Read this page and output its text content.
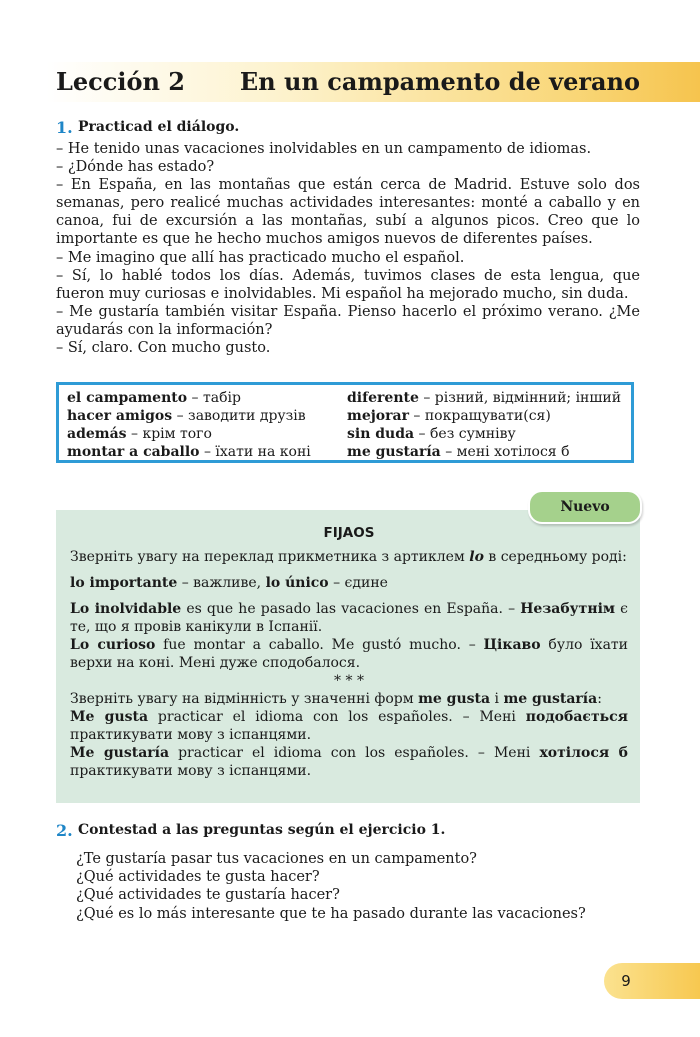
Lección 2 En un campamento de verano
1. Practicad el diálogo.

– He tenido unas vacaciones inolvidables en un campamento de idiomas.

– ¿Dónde has estado?

– En España, en las montañas que están cerca de Madrid. Estuve solo dos semanas, pero realicé muchas actividades interesantes: monté a caballo y en canoa, fui de excursión a las montañas, subí a algunos picos. Creo que lo importante es que he hecho muchos amigos nuevos de diferentes países.

– Me imagino que allí has practicado mucho el español.

– Sí, lo hablé todos los días. Además, tuvimos clases de esta lengua, que fueron muy curiosas e inolvidables. Mi español ha mejorado mucho, sin duda.

– Me gustaría también visitar España. Pienso hacerlo el próximo verano. ¿Me ayudarás con la información?

– Sí, claro. Con mucho gusto.

el campamento – табір
hacer amigos – заводити друзів
además – крім того
montar a caballo – їхати на коні
diferente – різний, відмінний; інший
mejorar – покращувати(ся)
sin duda – без сумніву
me gustaría – мені хотілося б
Nuevo

FIJAOS

Зверніть увагу на переклад прикметника з артиклем lo в середньому роді:

lo importante – важливе, lo único – єдине

Lo inolvidable es que he pasado las vacaciones en España. – Незабутнім є те, що я провів канікули в Іспанії.

Lo curioso fue montar a caballo. Me gustó mucho. – Цікаво було їхати верхи на коні. Мені дуже сподобалося.

* * *

Зверніть увагу на відмінність у значенні форм me gusta і me gustaría:

Me gusta practicar el idioma con los españoles. – Мені подобається практикувати мову з іспанцями.

Me gustaría practicar el idioma con los españoles. – Мені хотілося б практикувати мову з іспанцями.

2. Contestad a las preguntas según el ejercicio 1.
¿Te gustaría pasar tus vacaciones en un campamento?
¿Qué actividades te gusta hacer?
¿Qué actividades te gustaría hacer?
¿Qué es lo más interesante que te ha pasado durante las vacaciones?
9
